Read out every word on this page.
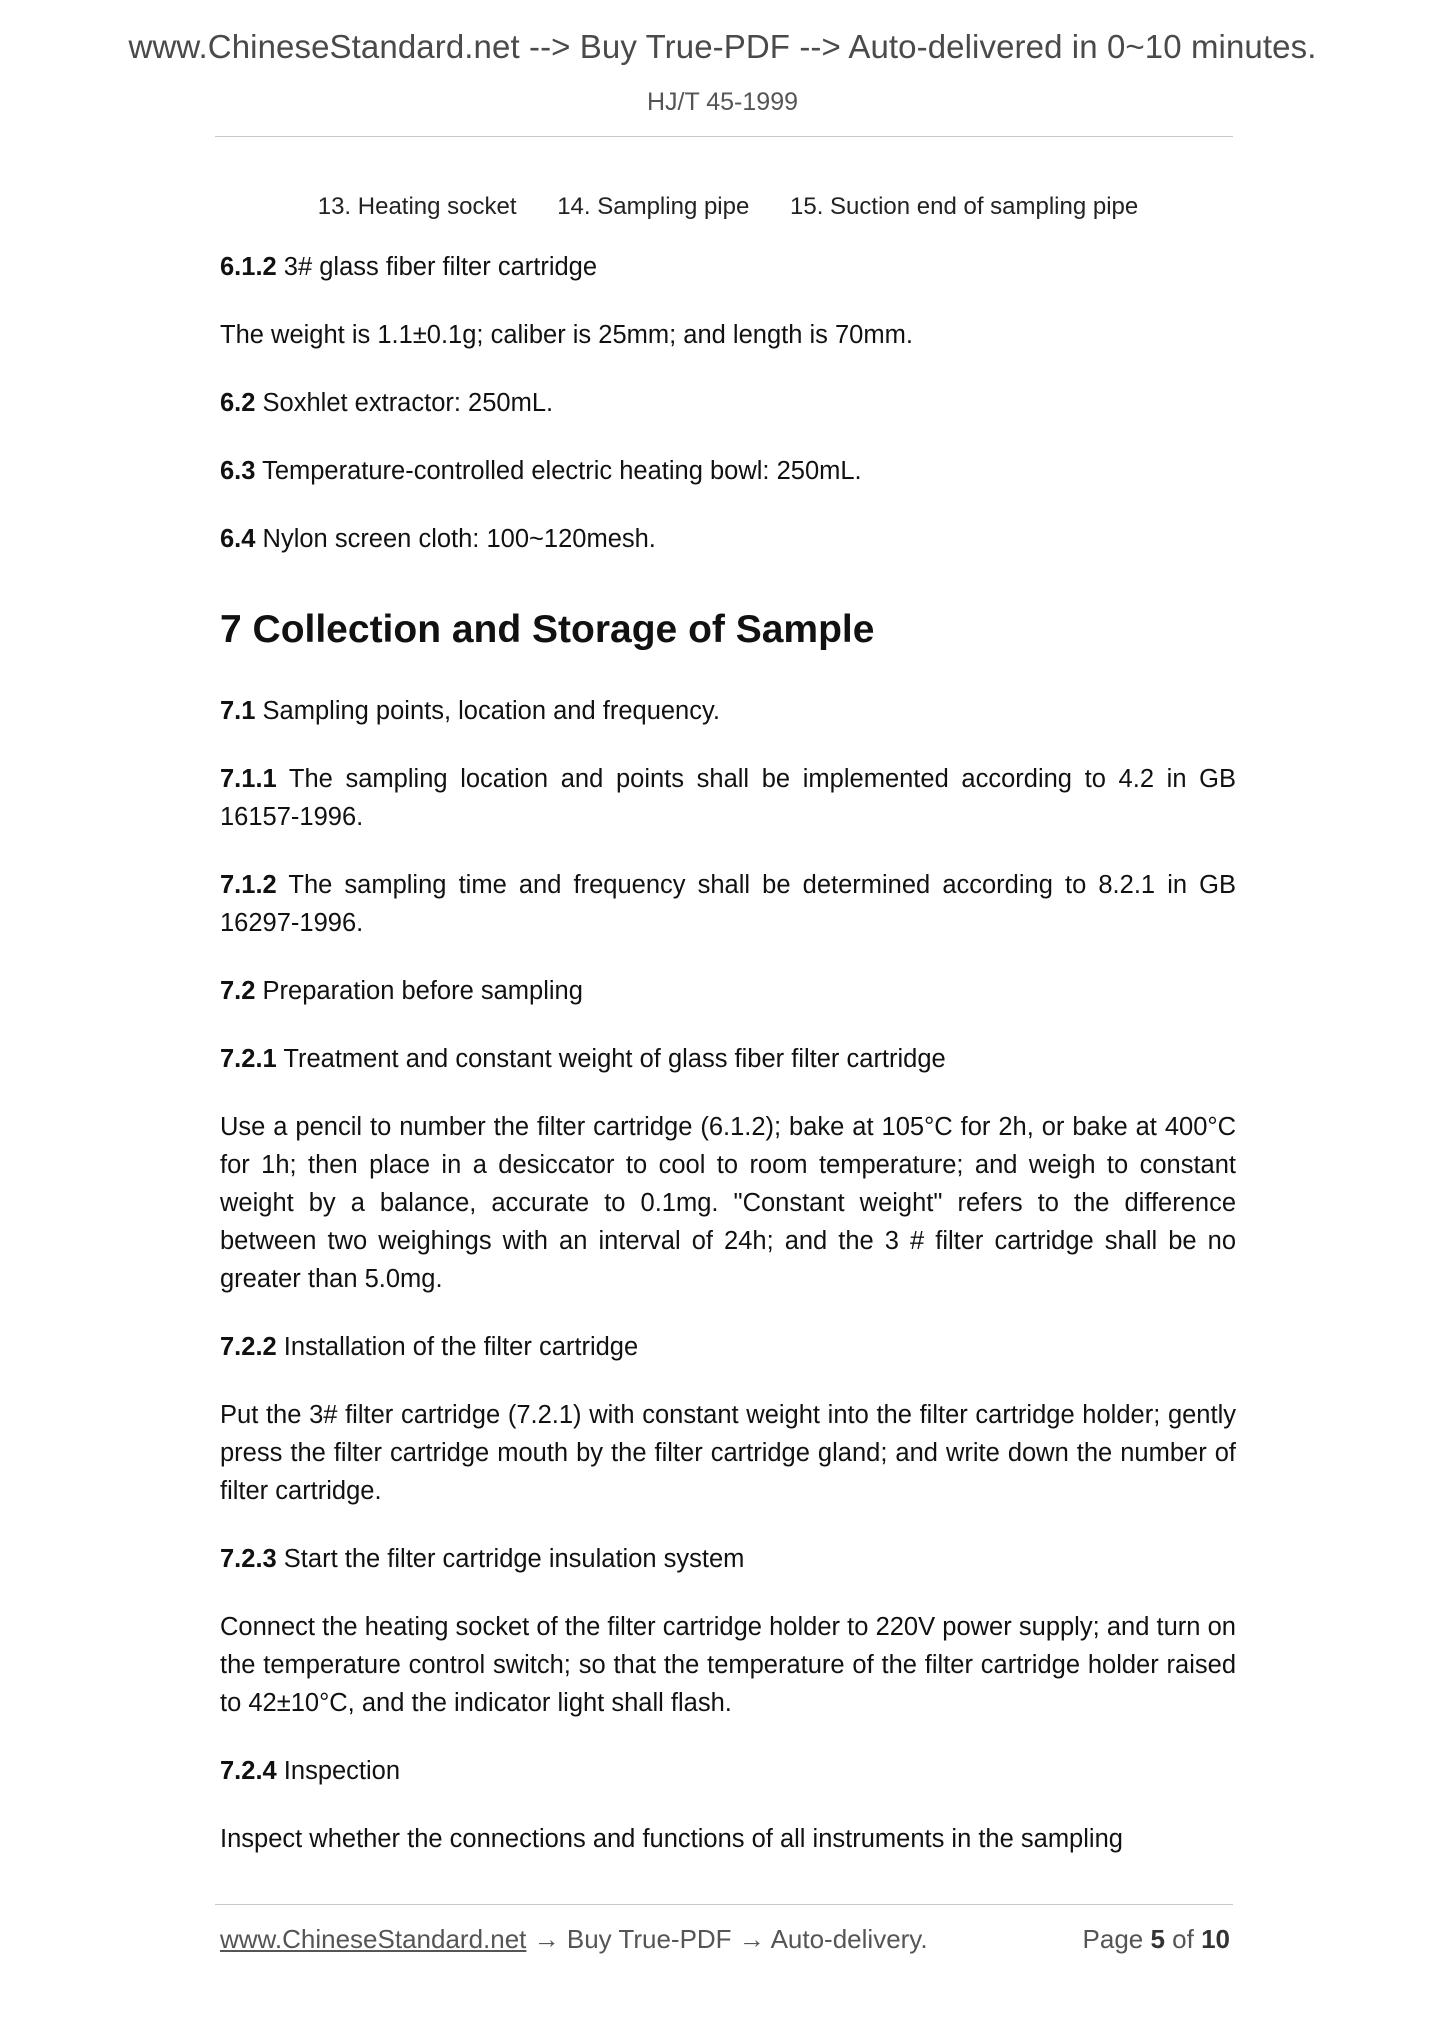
www.ChineseStandard.net --> Buy True-PDF --> Auto-delivered in 0~10 minutes.
HJ/T 45-1999
13. Heating socket 14. Sampling pipe 15. Suction end of sampling pipe

6.1.2 3# glass fiber filter cartridge

The weight is 1.1±0.1g; caliber is 25mm; and length is 70mm.

6.2 Soxhlet extractor: 250mL.

6.3 Temperature-controlled electric heating bowl: 250mL.

6.4 Nylon screen cloth: 100~120mesh.

7 Collection and Storage of Sample

7.1 Sampling points, location and frequency.

7.1.1 The sampling location and points shall be implemented according to 4.2 in GB 16157-1996.

7.1.2 The sampling time and frequency shall be determined according to 8.2.1 in GB 16297-1996.

7.2 Preparation before sampling

7.2.1 Treatment and constant weight of glass fiber filter cartridge

Use a pencil to number the filter cartridge (6.1.2); bake at 105°C for 2h, or bake at 400°C for 1h; then place in a desiccator to cool to room temperature; and weigh to constant weight by a balance, accurate to 0.1mg. "Constant weight" refers to the difference between two weighings with an interval of 24h; and the 3 # filter cartridge shall be no greater than 5.0mg.

7.2.2 Installation of the filter cartridge

Put the 3# filter cartridge (7.2.1) with constant weight into the filter cartridge holder; gently press the filter cartridge mouth by the filter cartridge gland; and write down the number of filter cartridge.

7.2.3 Start the filter cartridge insulation system

Connect the heating socket of the filter cartridge holder to 220V power supply; and turn on the temperature control switch; so that the temperature of the filter cartridge holder raised to 42±10°C, and the indicator light shall flash.

7.2.4 Inspection

Inspect whether the connections and functions of all instruments in the sampling

www.ChineseStandard.net → Buy True-PDF → Auto-delivery.	Page 5 of 10
